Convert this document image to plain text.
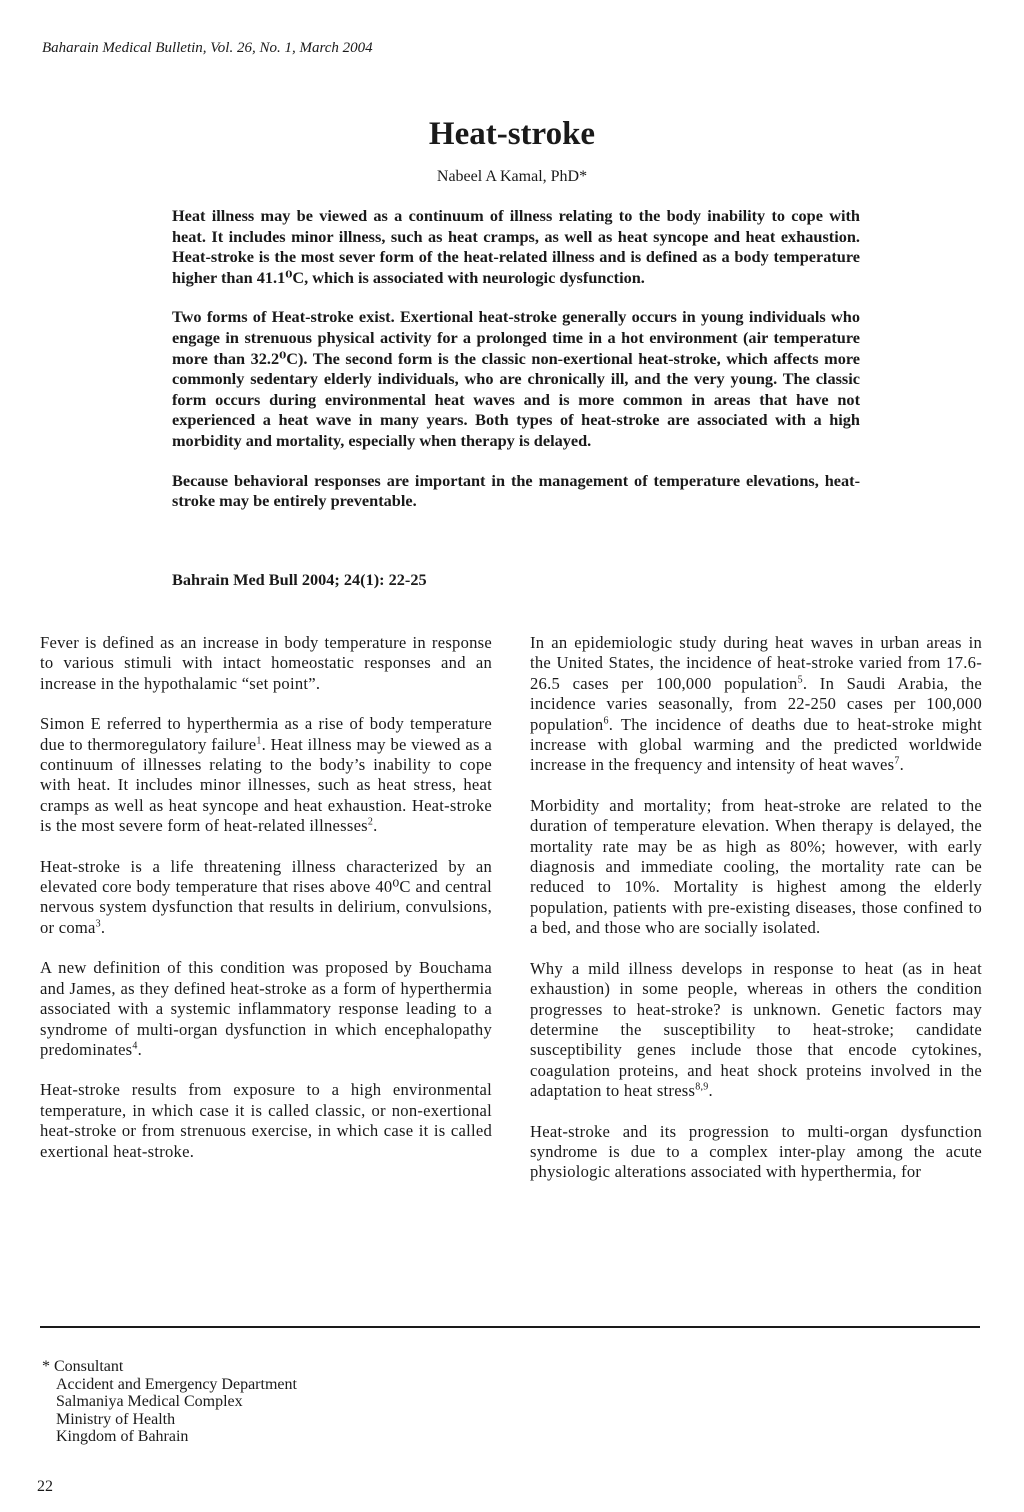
Baharain Medical Bulletin, Vol. 26, No. 1, March 2004

Heat-stroke

Nabeel A Kamal, PhD*

Heat illness may be viewed as a continuum of illness relating to the body inability to cope with heat. It includes minor illness, such as heat cramps, as well as heat syncope and heat exhaustion. Heat-stroke is the most sever form of the heat-related illness and is defined as a body temperature higher than 41.1⁰C, which is associated with neurologic dysfunction.

Two forms of Heat-stroke exist. Exertional heat-stroke generally occurs in young individuals who engage in strenuous physical activity for a prolonged time in a hot environment (air temperature more than 32.2⁰C). The second form is the classic non-exertional heat-stroke, which affects more commonly sedentary elderly individuals, who are chronically ill, and the very young. The classic form occurs during environmental heat waves and is more common in areas that have not experienced a heat wave in many years. Both types of heat-stroke are associated with a high morbidity and mortality, especially when therapy is delayed.

Because behavioral responses are important in the management of temperature elevations, heat-stroke may be entirely preventable.

Bahrain Med Bull 2004; 24(1): 22-25

Fever is defined as an increase in body temperature in response to various stimuli with intact homeostatic responses and an increase in the hypothalamic “set point”.

Simon E referred to hyperthermia as a rise of body temperature due to thermoregulatory failure$^1$. Heat illness may be viewed as a continuum of illnesses relating to the body’s inability to cope with heat. It includes minor illnesses, such as heat stress, heat cramps as well as heat syncope and heat exhaustion. Heat-stroke is the most severe form of heat-related illnesses$^2$.

Heat-stroke is a life threatening illness characterized by an elevated core body temperature that rises above 40⁰C and central nervous system dysfunction that results in delirium, convulsions, or coma$^3$.

A new definition of this condition was proposed by Bouchama and James, as they defined heat-stroke as a form of hyperthermia associated with a systemic inflammatory response leading to a syndrome of multi-organ dysfunction in which encephalopathy predominates$^4$.

Heat-stroke results from exposure to a high environmental temperature, in which case it is called classic, or non-exertional heat-stroke or from strenuous exercise, in which case it is called exertional heat-stroke.

In an epidemiologic study during heat waves in urban areas in the United States, the incidence of heat-stroke varied from 17.6-26.5 cases per 100,000 population$^5$. In Saudi Arabia, the incidence varies seasonally, from 22-250 cases per 100,000 population$^6$. The incidence of deaths due to heat-stroke might increase with global warming and the predicted worldwide increase in the frequency and intensity of heat waves$^7$.

Morbidity and mortality; from heat-stroke are related to the duration of temperature elevation. When therapy is delayed, the mortality rate may be as high as 80%; however, with early diagnosis and immediate cooling, the mortality rate can be reduced to 10%. Mortality is highest among the elderly population, patients with pre-existing diseases, those confined to a bed, and those who are socially isolated.

Why a mild illness develops in response to heat (as in heat exhaustion) in some people, whereas in others the condition progresses to heat-stroke? is unknown. Genetic factors may determine the susceptibility to heat-stroke; candidate susceptibility genes include those that encode cytokines, coagulation proteins, and heat shock proteins involved in the adaptation to heat stress$^{8,9}$.

Heat-stroke and its progression to multi-organ dysfunction syndrome is due to a complex inter-play among the acute physiologic alterations associated with hyperthermia, for

* Consultant
Accident and Emergency Department
Salmaniya Medical Complex
Ministry of Health
Kingdom of Bahrain

22
